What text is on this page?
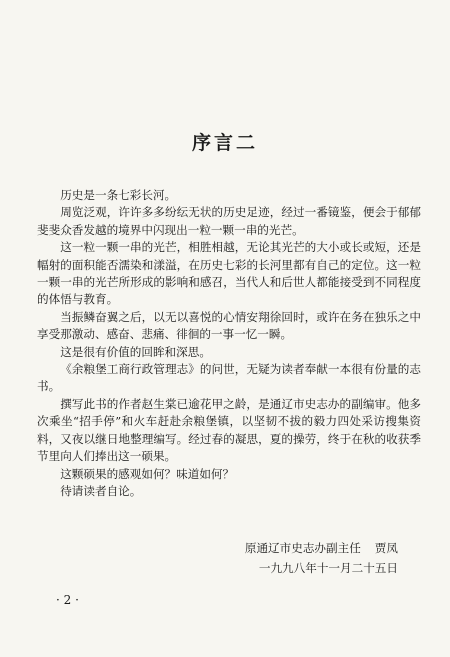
序言二

历史是一条七彩长河。

周览泛观，许许多多纷纭无状的历史足迹，经过一番镜鉴，便会于郁郁斐斐众香发越的境界中闪现出一粒一颗一串的光芒。

这一粒一颗一串的光芒，相胜相越，无论其光芒的大小或长或短，还是幅射的面积能否濡染和漾溢，在历史七彩的长河里都有自己的定位。这一粒一颗一串的光芒所形成的影响和感召，当代人和后世人都能接受到不同程度的体悟与教育。

当振鳞奋翼之后，以无以喜悦的心情安翔徐回时，或许在务在独乐之中享受那激动、感奋、悲痛、徘徊的一事一忆一瞬。

这是很有价值的回眸和深思。

《余粮堡工商行政管理志》的问世，无疑为读者奉献一本很有份量的志书。

撰写此书的作者赵生棠已逾花甲之龄，是通辽市史志办的副编审。他多次乘坐“招手停”和火车赶赴余粮堡镇，以坚韧不拔的毅力四处采访搜集资料，又夜以继日地整理编写。经过春的凝思，夏的操劳，终于在秋的收获季节里向人们捧出这一硕果。

这颗硕果的感观如何？味道如何？

待请读者自论。

原通辽市史志办副主任 贾凤
一九九八年十一月二十五日
· 2 ·
